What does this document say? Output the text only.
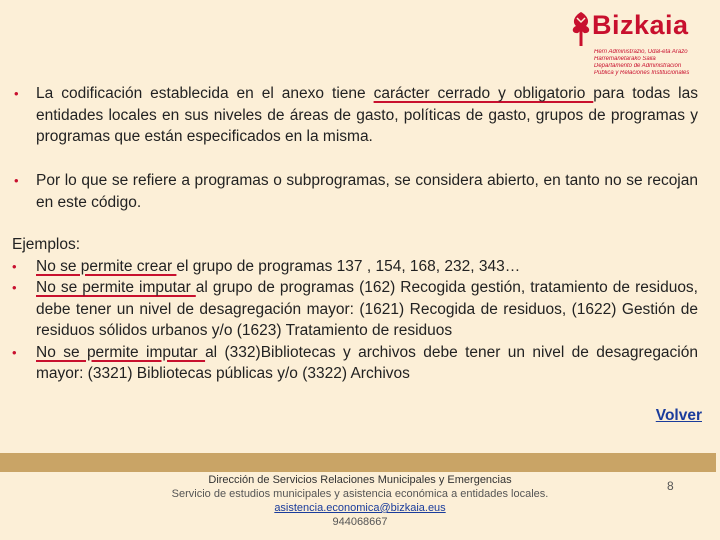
Bizkaia
Herri Administrazio, Udal-eta Arazo
Harremanetarako Saila
Departamento de Administración
Pública y Relaciones Institucionales
• La codificación establecida en el anexo tiene carácter cerrado y obligatorio para todas las entidades locales en sus niveles de áreas de gasto, políticas de gasto, grupos de programas y programas que están especificados en la misma.
• Por lo que se refiere a programas o subprogramas, se considera abierto, en tanto no se recojan en este código.
Ejemplos:
• No se permite crear el grupo de programas 137 , 154, 168, 232, 343…
• No se permite imputar al grupo de programas (162) Recogida gestión, tratamiento de residuos, debe tener un nivel de desagregación mayor: (1621) Recogida de residuos, (1622) Gestión de residuos sólidos urbanos y/o (1623) Tratamiento de residuos
• No se permite imputar al (332)Bibliotecas y archivos debe tener un nivel de desagregación mayor: (3321) Bibliotecas públicas y/o (3322) Archivos
Volver
Dirección de Servicios Relaciones Municipales y Emergencias
Servicio de estudios municipales y asistencia económica a entidades locales.
asistencia.economica@bizkaia.eus
944068667
8
